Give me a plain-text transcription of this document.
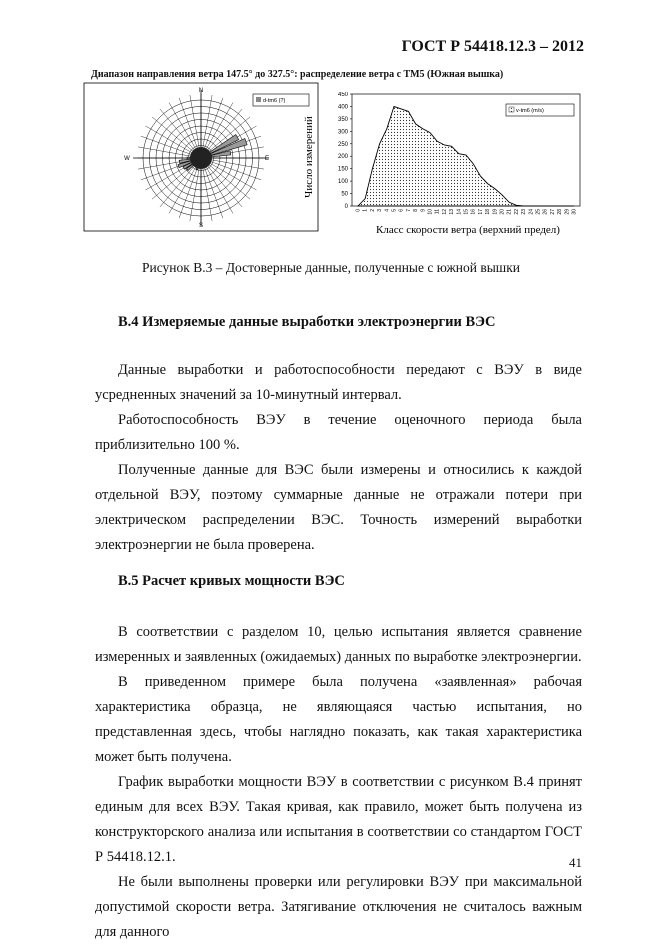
ГОСТ Р 54418.12.3 – 2012
Диапазон направления ветра 147.5° до 327.5°: распределение ветра с ТМ5 (Южная вышка)
N
S
W	E
d-tm6 (?)
Число измерений
0
50
100
150
200
250
300
350
400
450
0 1 2 3 4 5 6 7 8 9 10 11 12 13 14 15 16 17 18 19 20 21 22 23 24 25 26 27 28 29 30
v-tm6 (m/s)
Класс скорости ветра (верхний предел)
Рисунок В.3 – Достоверные данные, полученные с южной вышки
В.4 Измеряемые данные выработки электроэнергии ВЭС

Данные выработки и работоспособности передают с ВЭУ в виде усредненных значений за 10-минутный интервал.

Работоспособность ВЭУ в течение оценочного периода была приблизительно 100 %.

Полученные данные для ВЭС были измерены и относились к каждой отдельной ВЭУ, поэтому суммарные данные не отражали потери при электрическом распределении ВЭС. Точность измерений выработки электроэнергии не была проверена.

В.5 Расчет кривых мощности ВЭС

В соответствии с разделом 10, целью испытания является сравнение измеренных и заявленных (ожидаемых) данных по выработке электроэнергии.

В приведенном примере была получена «заявленная» рабочая характеристика образца, не являющаяся частью испытания, но представленная здесь, чтобы наглядно показать, как такая характеристика может быть получена.

График выработки мощности ВЭУ в соответствии с рисунком В.4 принят единым для всех ВЭУ. Такая кривая, как правило, может быть получена из конструкторского анализа или испытания в соответствии со стандартом ГОСТ Р 54418.12.1.

Не были выполнены проверки или регулировки ВЭУ при максимальной допустимой скорости ветра. Затягивание отключения не считалось важным для данного

41
